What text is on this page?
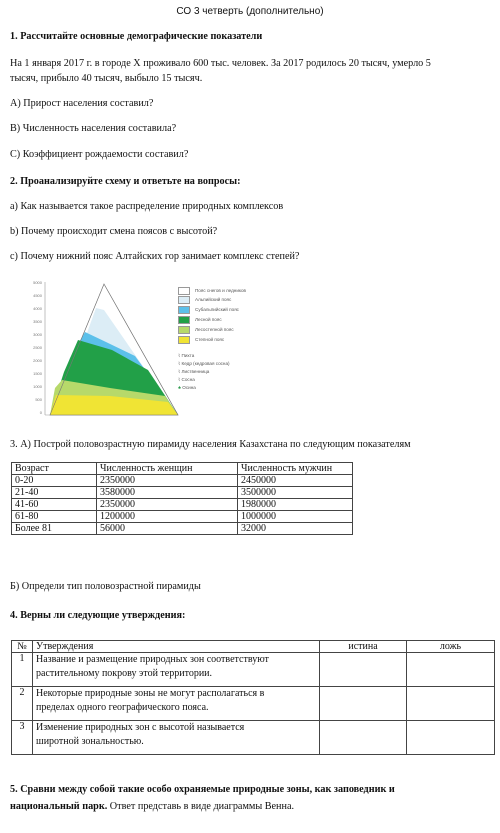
СО 3 четверть (дополнительно)
1. Рассчитайте основные демографические показатели
На 1 января 2017 г. в городе X проживало 600 тыс. человек. За 2017 родилось 20 тысяч, умерло 5
тысяч, прибыло 40 тысяч, выбыло 15 тысяч.
А) Прирост населения составил?
В) Численность населения составила?
С) Коэффициент рождаемости составил?
2. Проанализируйте схему и ответьте на вопросы:
а) Как называется такое распределение природных комплексов
b) Почему происходит смена поясов с высотой?
с) Почему нижний пояс Алтайских гор занимает комплекс степей?
5000
4500
4000
3500
3000
2500
2000
1500
1000
500
0
Пояс снегов и ледников
Альпийский пояс
Субальпийский пояс
Лесной пояс
Лесостепной пояс
Степной пояс
⌇ Пихта
⌇ Кедр (кедровая сосна)
⌇ Лиственница
⌇ Сосна
♣ Осина
3. А) Построй половозрастную пирамиду населения Казахстана по следующим показателям
Возраст	Численность женщин	Численность мужчин
0-20	2350000	2450000
21-40	3580000	3500000
41-60	2350000	1980000
61-80	1200000	1000000
Более 81	56000	32000
Б) Определи тип половозрастной пирамиды
4. Верны ли следующие утверждения:
№	Утверждения	истина	ложь
1	Название и размещение природных зон соответствуют
растительному покрову этой территории.		
2	Некоторые природные зоны не могут располагаться в
пределах одного географического пояса.		
3	Изменение природных зон с высотой называется
широтной зональностью.		
5. Сравни между собой такие особо охраняемые природные зоны, как заповедник и
национальный парк. Ответ представь в виде диаграммы Венна.
